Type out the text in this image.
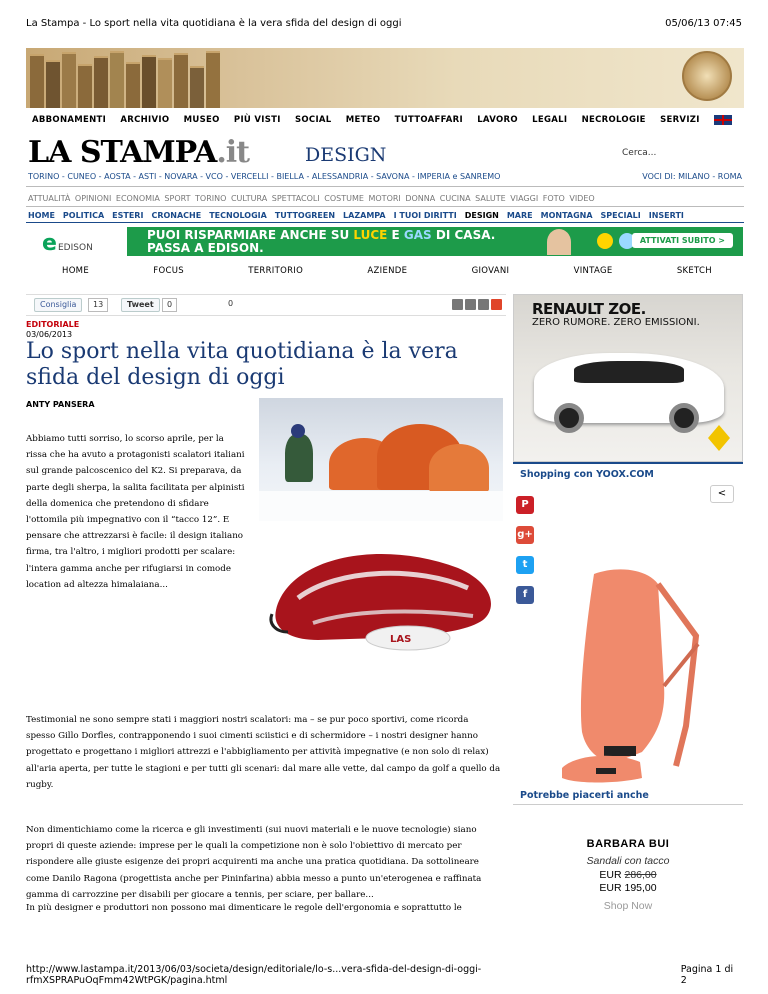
La Stampa - Lo sport nella vita quotidiana è la vera sfida del design di oggi	05/06/13 07:45
ABBONAMENTI ARCHIVIO MUSEO PIÙ VISTI SOCIAL METEO TUTTOAFFARI LAVORO LEGALI NECROLOGIE SERVIZI
LA STAMPA.it	DESIGN	Cerca...
TORINO - CUNEO - AOSTA - ASTI - NOVARA - VCO - VERCELLI - BIELLA - ALESSANDRIA - SAVONA - IMPERIA e SANREMO	VOCI DI: MILANO - ROMA
ATTUALITÀ OPINIONI ECONOMIA SPORT TORINO CULTURA SPETTACOLI COSTUME MOTORI DONNA CUCINA SALUTE VIAGGI FOTO VIDEO
HOME POLITICA ESTERI CRONACHE TECNOLOGIA TUTTOGREEN LAZAMPA I TUOI DIRITTI DESIGN MARE MONTAGNA SPECIALI INSERTI
e EDISON
PUOI RISPARMIARE ANCHE SU LUCE E GAS DI CASA.
PASSA A EDISON.
ATTIVATI SUBITO >
HOME	FOCUS	TERRITORIO	AZIENDE	GIOVANI	VINTAGE	SKETCH
Consiglia	13	Tweet	0	0
EDITORIALE
03/06/2013
Lo sport nella vita quotidiana è la vera sfida del design di oggi
ANTY PANSERA

Abbiamo tutti sorriso, lo scorso aprile, per la

rissa che ha avuto a protagonisti scalatori italiani

sul grande palcoscenico del K2. Si preparava, da

parte degli sherpa, la salita facilitata per alpinisti

della domenica che pretendono di sfidare

l'ottomila più impegnativo con il “tacco 12”. E

pensare che attrezzarsi è facile: il design italiano

firma, tra l'altro, i migliori prodotti per scalare:

l'intera gamma anche per rifugiarsi in comode

location ad altezza himalaiana...

LAS
Testimonial ne sono sempre stati i maggiori nostri scalatori: ma – se pur poco sportivi, come ricorda
spesso Gillo Dorfles, contrapponendo i suoi cimenti sciistici e di schermidore – i nostri designer hanno
progettato e progettano i migliori attrezzi e l'abbigliamento per attività impegnative (e non solo di relax)
all'aria aperta, per tutte le stagioni e per tutti gli scenari: dal mare alle vette, dal campo da golf a quello da
rugby.
Non dimentichiamo come la ricerca e gli investimenti (sui nuovi materiali e le nuove tecnologie) siano
propri di queste aziende: imprese per le quali la competizione non è solo l'obiettivo di mercato per
rispondere alle giuste esigenze dei propri acquirenti ma anche una pratica quotidiana. Da sottolineare
come Danilo Ragona (progettista anche per Pininfarina) abbia messo a punto un'eterogenea e raffinata
gamma di carrozzine per disabili per giocare a tennis, per sciare, per ballare...
In più designer e produttori non possono mai dimenticare le regole dell'ergonomia e soprattutto le
RENAULT ZOE.
ZERO RUMORE. ZERO EMISSIONI.
Shopping con YOOX.COM
<
P
g+
t
f
Potrebbe piacerti anche
BARBARA BUI
Sandali con tacco
EUR 286,00
EUR 195,00
Shop Now
http://www.lastampa.it/2013/06/03/societa/design/editoriale/lo-s...vera-sfida-del-design-di-oggi-rfmXSPRAPuOqFmm42WtPGK/pagina.html
Pagina 1 di 2
